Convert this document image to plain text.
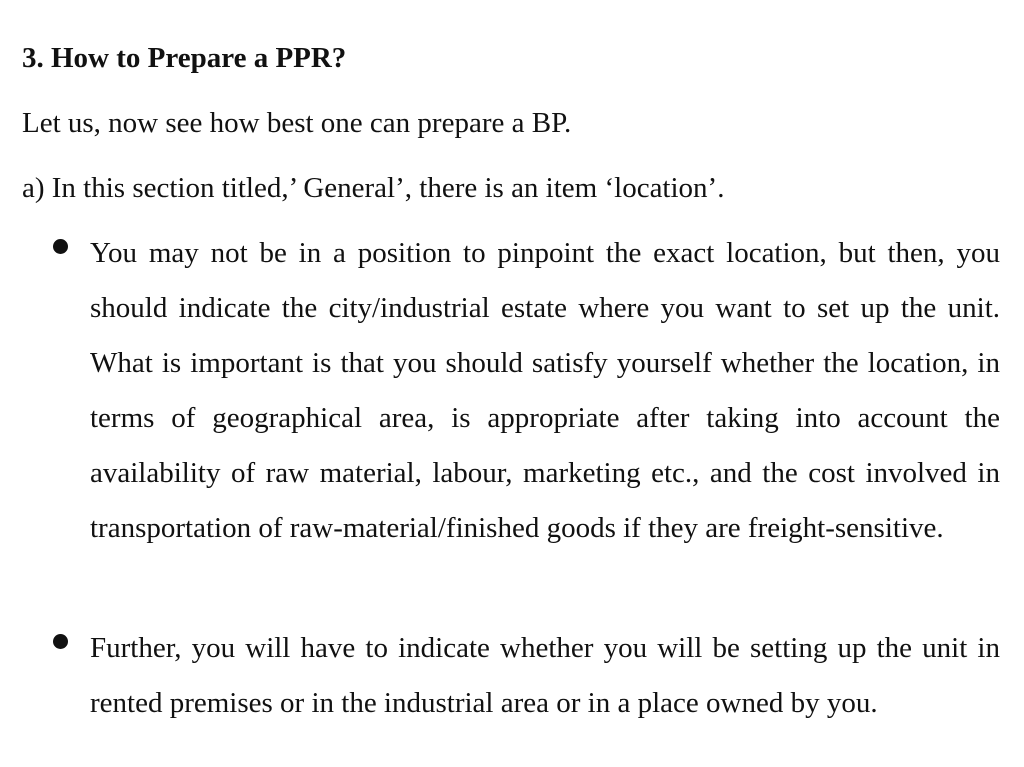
3. How to Prepare a PPR?

Let us, now see how best one can prepare a BP.

a) In this section titled,’ General’, there is an item ‘location’.

You may not be in a position to pinpoint the exact location, but then, you should indicate the city/industrial estate where you want to set up the unit. What is important is that you should satisfy yourself whether the location, in terms of geographical area, is appropriate after taking into account the availability of raw material, labour, marketing etc., and the cost involved in transportation of raw-material/finished goods if they are freight-sensitive.

Further, you will have to indicate whether you will be setting up the unit in rented premises or in the industrial area or in a place owned by you.
